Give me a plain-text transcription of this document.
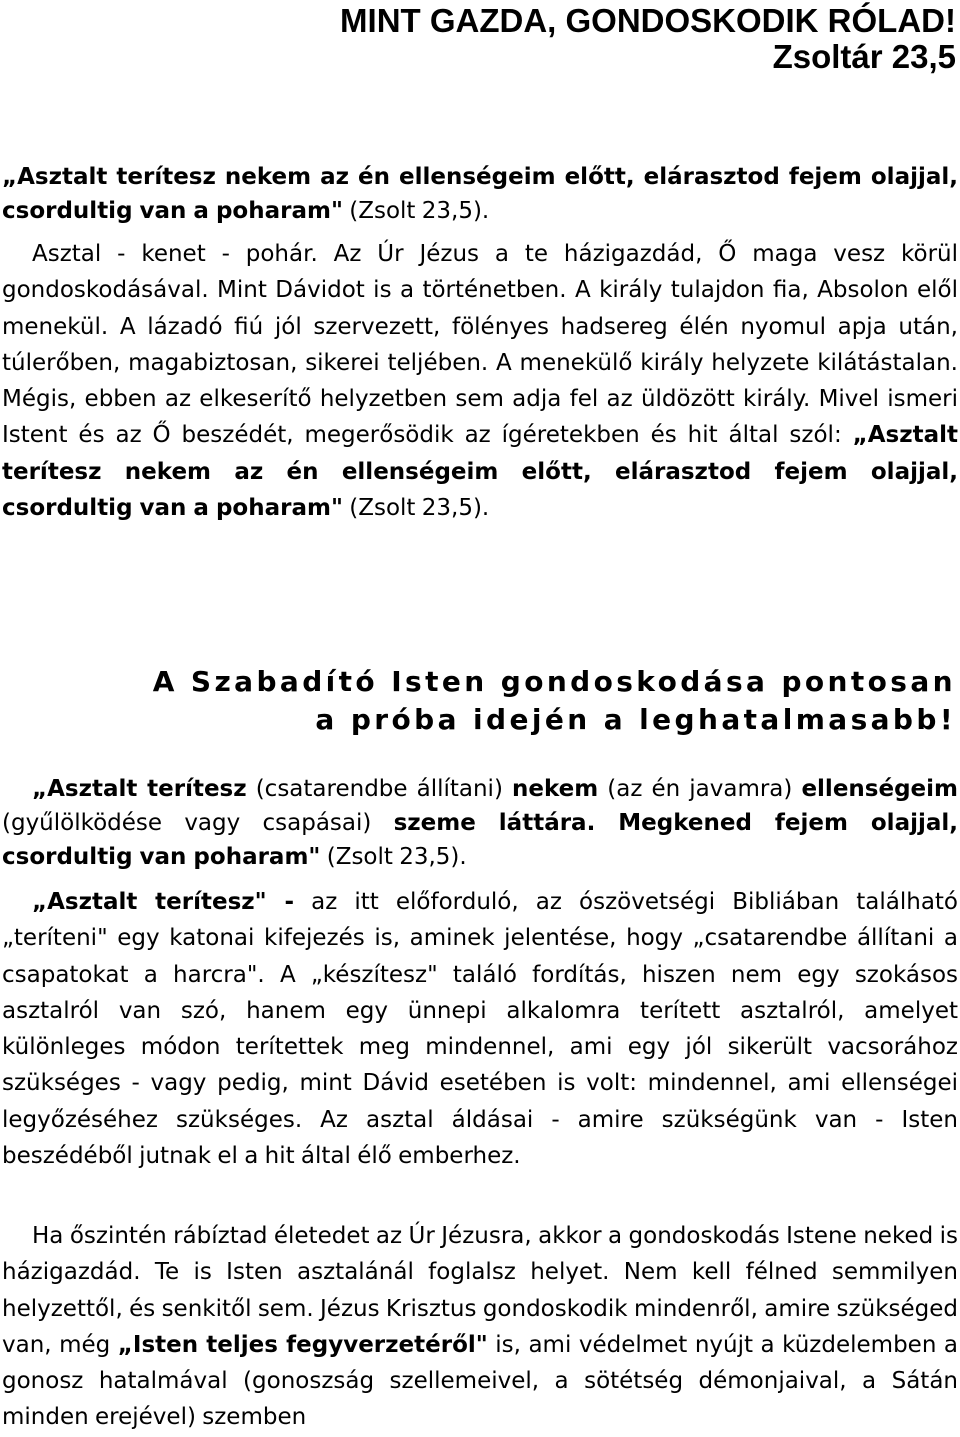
MINT GAZDA, GONDOSKODIK RÓLAD!
Zsoltár 23,5
„Asztalt terítesz nekem az én ellenségeim előtt, elárasztod fejem olajjal, csordultig van a poharam" (Zsolt 23,5).
Asztal - kenet - pohár. Az Úr Jézus a te házigazdád, Ő maga vesz körül gondoskodásával. Mint Dávidot is a történetben. A király tulajdon fia, Absolon elől menekül. A lázadó fiú jól szervezett, fölényes hadsereg élén nyomul apja után, túlerőben, magabiztosan, sikerei teljében. A menekülő király helyzete kilátástalan. Mégis, ebben az elkeserítő helyzetben sem adja fel az üldözött király. Mivel ismeri Istent és az Ő beszédét, megerősödik az ígéretekben és hit által szól: „Asztalt terítesz nekem az én ellenségeim előtt, elárasztod fejem olajjal, csordultig van a poharam" (Zsolt 23,5).
A Szabadító Isten gondoskodása pontosan
a próba idején a leghatalmasabb!
„Asztalt terítesz (csatarendbe állítani) nekem (az én javamra) ellenségeim (gyűlölködése vagy csapásai) szeme láttára. Megkened fejem olajjal, csordultig van poharam" (Zsolt 23,5).
„Asztalt terítesz" - az itt előforduló, az ószövetségi Bibliában található „teríteni" egy katonai kifejezés is, aminek jelentése, hogy „csatarendbe állítani a csapatokat a harcra". A „készítesz" találó fordítás, hiszen nem egy szokásos asztalról van szó, hanem egy ünnepi alkalomra terített asztalról, amelyet különleges módon terítettek meg mindennel, ami egy jól sikerült vacsorához szükséges - vagy pedig, mint Dávid esetében is volt: mindennel, ami ellenségei legyőzéséhez szükséges. Az asztal áldásai - amire szükségünk van - Isten beszédéből jutnak el a hit által élő emberhez.
Ha őszintén rábíztad életedet az Úr Jézusra, akkor a gondoskodás Istene neked is házigazdád. Te is Isten asztalánál foglalsz helyet. Nem kell félned semmilyen helyzettől, és senkitől sem. Jézus Krisztus gondoskodik mindenről, amire szükséged van, még „Isten teljes fegyverzetéről" is, ami védelmet nyújt a küzdelemben a gonosz hatalmával (gonoszság szellemeivel, a sötétség démonjaival, a Sátán minden erejével) szemben
